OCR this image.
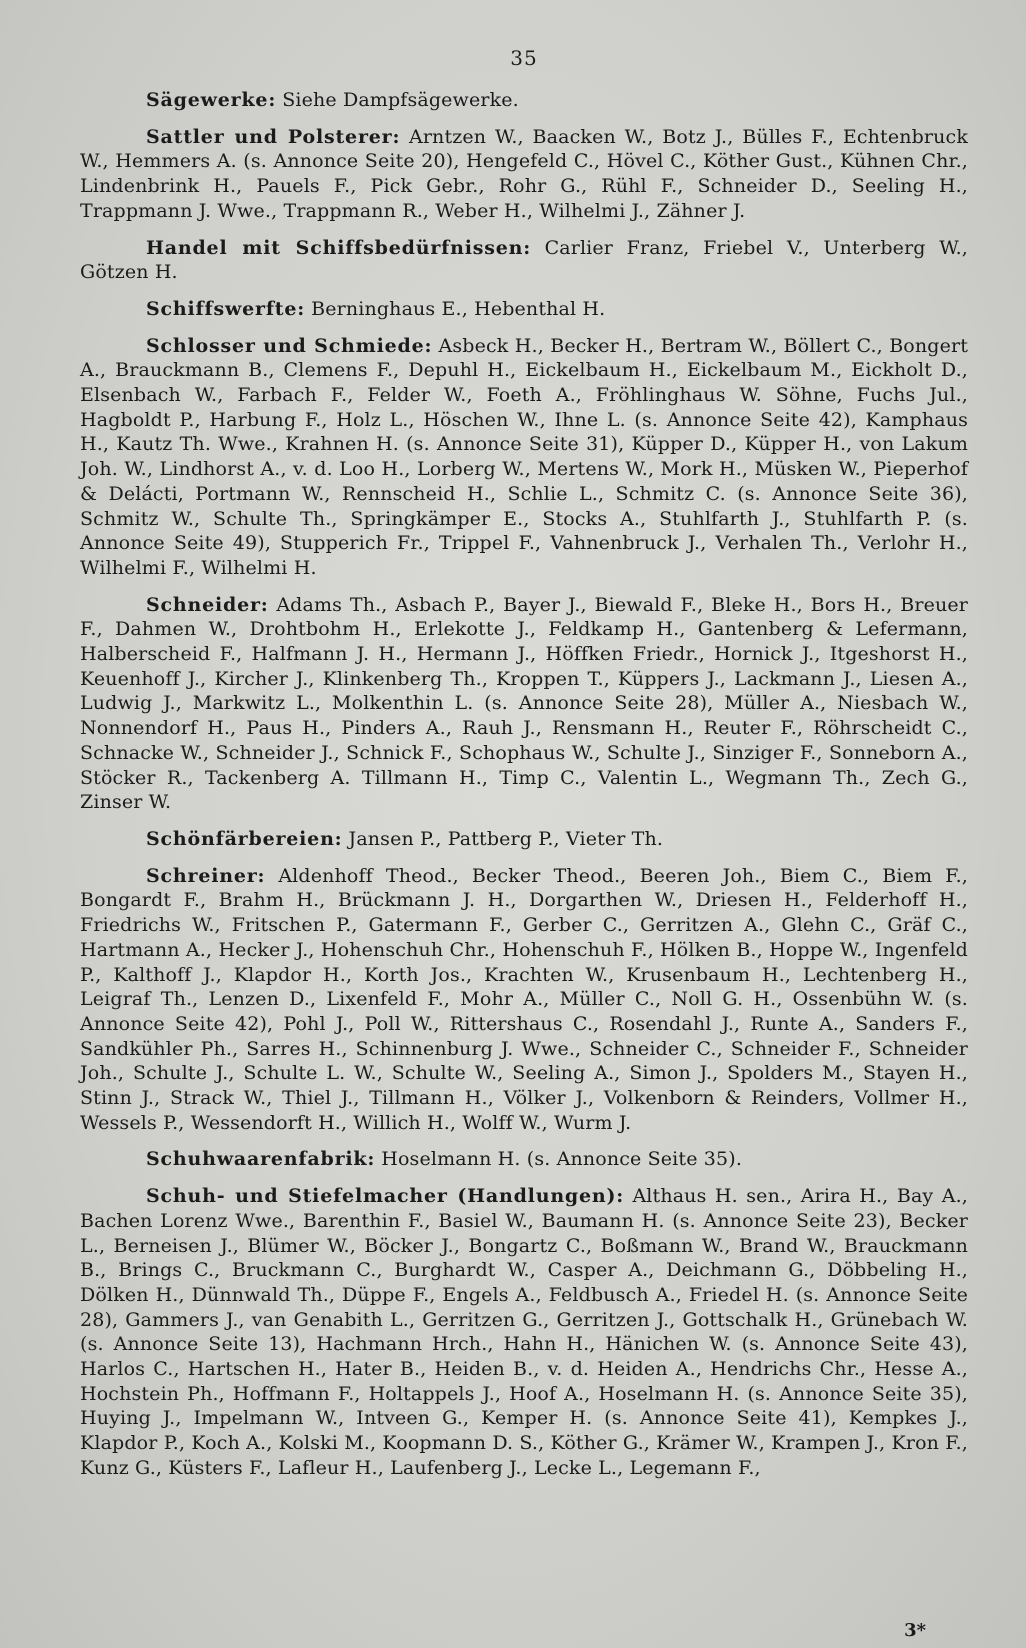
35

Sägewerke: Siehe Dampfsägewerke.

Sattler und Polsterer: Arntzen W., Baacken W., Botz J., Bülles F., Echtenbruck W., Hemmers A. (s. Annonce Seite 20), Hengefeld C., Hövel C., Köther Gust., Kühnen Chr., Lindenbrink H., Pauels F., Pick Gebr., Rohr G., Rühl F., Schneider D., Seeling H., Trappmann J. Wwe., Trappmann R., Weber H., Wilhelmi J., Zähner J.

Handel mit Schiffsbedürfnissen: Carlier Franz, Friebel V., Unterberg W., Götzen H.

Schiffswerfte: Berninghaus E., Hebenthal H.

Schlosser und Schmiede: Asbeck H., Becker H., Bertram W., Böllert C., Bongert A., Brauckmann B., Clemens F., Depuhl H., Eickelbaum H., Eickelbaum M., Eickholt D., Elsenbach W., Farbach F., Felder W., Foeth A., Fröhlinghaus W. Söhne, Fuchs Jul., Hagboldt P., Harbung F., Holz L., Höschen W., Ihne L. (s. Annonce Seite 42), Kamphaus H., Kautz Th. Wwe., Krahnen H. (s. Annonce Seite 31), Küpper D., Küpper H., von Lakum Joh. W., Lindhorst A., v. d. Loo H., Lorberg W., Mertens W., Mork H., Müsken W., Pieperhof & Delácti, Portmann W., Rennscheid H., Schlie L., Schmitz C. (s. Annonce Seite 36), Schmitz W., Schulte Th., Springkämper E., Stocks A., Stuhlfarth J., Stuhlfarth P. (s. Annonce Seite 49), Stupperich Fr., Trippel F., Vahnenbruck J., Verhalen Th., Verlohr H., Wilhelmi F., Wilhelmi H.

Schneider: Adams Th., Asbach P., Bayer J., Biewald F., Bleke H., Bors H., Breuer F., Dahmen W., Drohtbohm H., Erlekotte J., Feldkamp H., Gantenberg & Lefermann, Halberscheid F., Halfmann J. H., Hermann J., Höffken Friedr., Hornick J., Itgeshorst H., Keuenhoff J., Kircher J., Klinkenberg Th., Kroppen T., Küppers J., Lackmann J., Liesen A., Ludwig J., Markwitz L., Molkenthin L. (s. Annonce Seite 28), Müller A., Niesbach W., Nonnendorf H., Paus H., Pinders A., Rauh J., Rensmann H., Reuter F., Röhrscheidt C., Schnacke W., Schneider J., Schnick F., Schophaus W., Schulte J., Sinziger F., Sonneborn A., Stöcker R., Tackenberg A. Tillmann H., Timp C., Valentin L., Wegmann Th., Zech G., Zinser W.

Schönfärbereien: Jansen P., Pattberg P., Vieter Th.

Schreiner: Aldenhoff Theod., Becker Theod., Beeren Joh., Biem C., Biem F., Bongardt F., Brahm H., Brückmann J. H., Dorgarthen W., Driesen H., Felderhoff H., Friedrichs W., Fritschen P., Gatermann F., Gerber C., Gerritzen A., Glehn C., Gräf C., Hartmann A., Hecker J., Hohenschuh Chr., Hohenschuh F., Hölken B., Hoppe W., Ingenfeld P., Kalthoff J., Klapdor H., Korth Jos., Krachten W., Krusenbaum H., Lechtenberg H., Leigraf Th., Lenzen D., Lixenfeld F., Mohr A., Müller C., Noll G. H., Ossenbühn W. (s. Annonce Seite 42), Pohl J., Poll W., Rittershaus C., Rosendahl J., Runte A., Sanders F., Sandkühler Ph., Sarres H., Schinnenburg J. Wwe., Schneider C., Schneider F., Schneider Joh., Schulte J., Schulte L. W., Schulte W., Seeling A., Simon J., Spolders M., Stayen H., Stinn J., Strack W., Thiel J., Tillmann H., Völker J., Volkenborn & Reinders, Vollmer H., Wessels P., Wessendorft H., Willich H., Wolff W., Wurm J.

Schuhwaarenfabrik: Hoselmann H. (s. Annonce Seite 35).

Schuh- und Stiefelmacher (Handlungen): Althaus H. sen., Arira H., Bay A., Bachen Lorenz Wwe., Barenthin F., Basiel W., Baumann H. (s. Annonce Seite 23), Becker L., Berneisen J., Blümer W., Böcker J., Bongartz C., Boßmann W., Brand W., Brauckmann B., Brings C., Bruckmann C., Burghardt W., Casper A., Deichmann G., Döbbeling H., Dölken H., Dünnwald Th., Düppe F., Engels A., Feldbusch A., Friedel H. (s. Annonce Seite 28), Gammers J., van Genabith L., Gerritzen G., Gerritzen J., Gottschalk H., Grünebach W. (s. Annonce Seite 13), Hachmann Hrch., Hahn H., Hänichen W. (s. Annonce Seite 43), Harlos C., Hartschen H., Hater B., Heiden B., v. d. Heiden A., Hendrichs Chr., Hesse A., Hochstein Ph., Hoffmann F., Holtappels J., Hoof A., Hoselmann H. (s. Annonce Seite 35), Huying J., Impelmann W., Intveen G., Kemper H. (s. Annonce Seite 41), Kempkes J., Klapdor P., Koch A., Kolski M., Koopmann D. S., Köther G., Krämer W., Krampen J., Kron F., Kunz G., Küsters F., Lafleur H., Laufenberg J., Lecke L., Legemann F.,

3*
